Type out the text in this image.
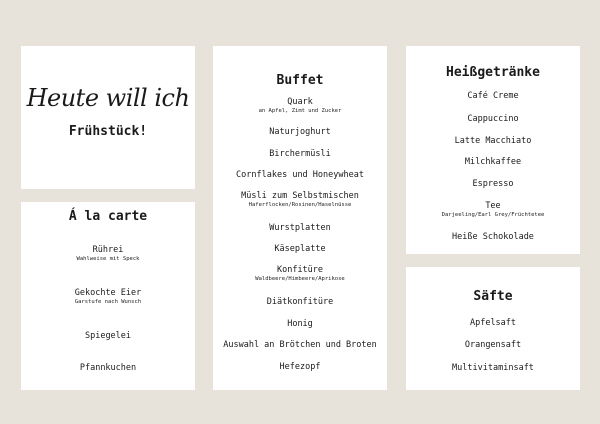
Heute will ich
Frühstück!
Á la carte
Rührei
Wahlweise mit Speck
Gekochte Eier
Garstufe nach Wunsch
Spiegelei
Pfannkuchen
Buffet
Quark
an Apfel, Zimt und Zucker
Naturjoghurt
Birchermüsli
Cornflakes und Honeywheat
Müsli zum Selbstmischen
Haferflocken/Rosinen/Haselnüsse
Wurstplatten
Käseplatte
Konfitüre
Waldbeere/Himbeere/Aprikose
Diätkonfitüre
Honig
Auswahl an Brötchen und Broten
Hefezopf
Heißgetränke
Café Creme
Cappuccino
Latte Macchiato
Milchkaffee
Espresso
Tee
Darjeeling/Earl Grey/Früchtetee
Heiße Schokolade
Säfte
Apfelsaft
Orangensaft
Multivitaminsaft
